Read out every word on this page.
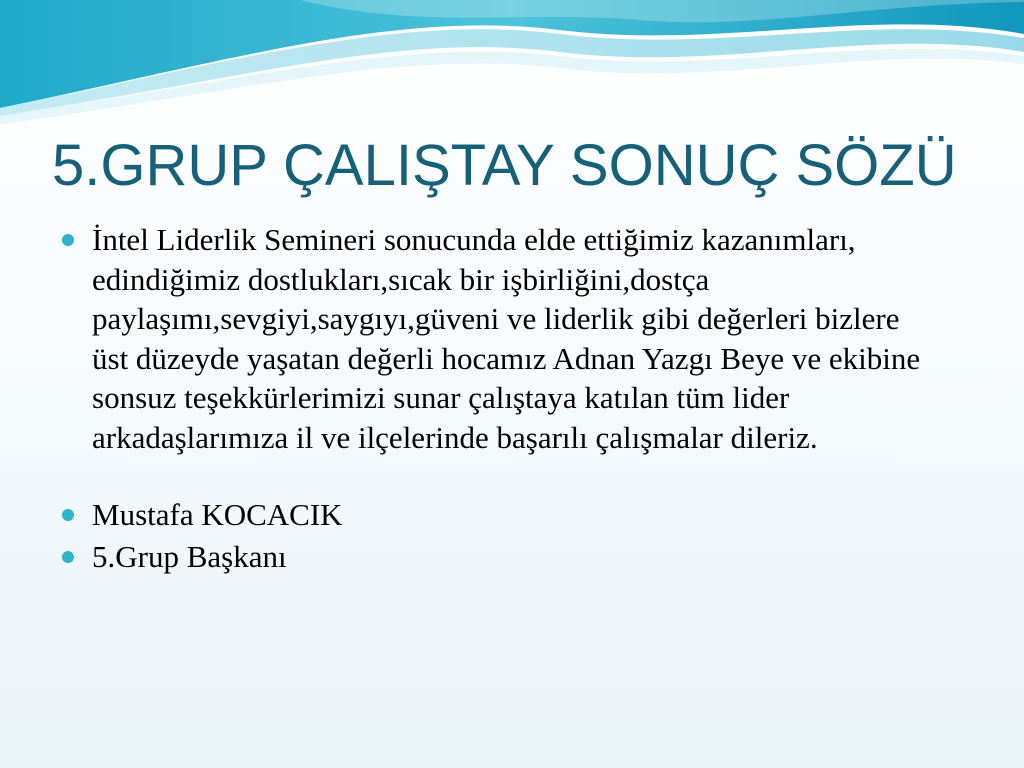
5.GRUP ÇALIŞTAY SONUÇ SÖZÜ
İntel Liderlik Semineri sonucunda elde ettiğimiz kazanımları, edindiğimiz dostlukları,sıcak bir işbirliğini,dostça paylaşımı,sevgiyi,saygıyı,güveni ve liderlik gibi değerleri bizlere üst düzeyde yaşatan değerli hocamız Adnan Yazgı Beye ve ekibine sonsuz teşekkürlerimizi sunar çalıştaya katılan tüm lider arkadaşlarımıza il ve ilçelerinde başarılı çalışmalar dileriz.
Mustafa KOCACIK
5.Grup Başkanı
